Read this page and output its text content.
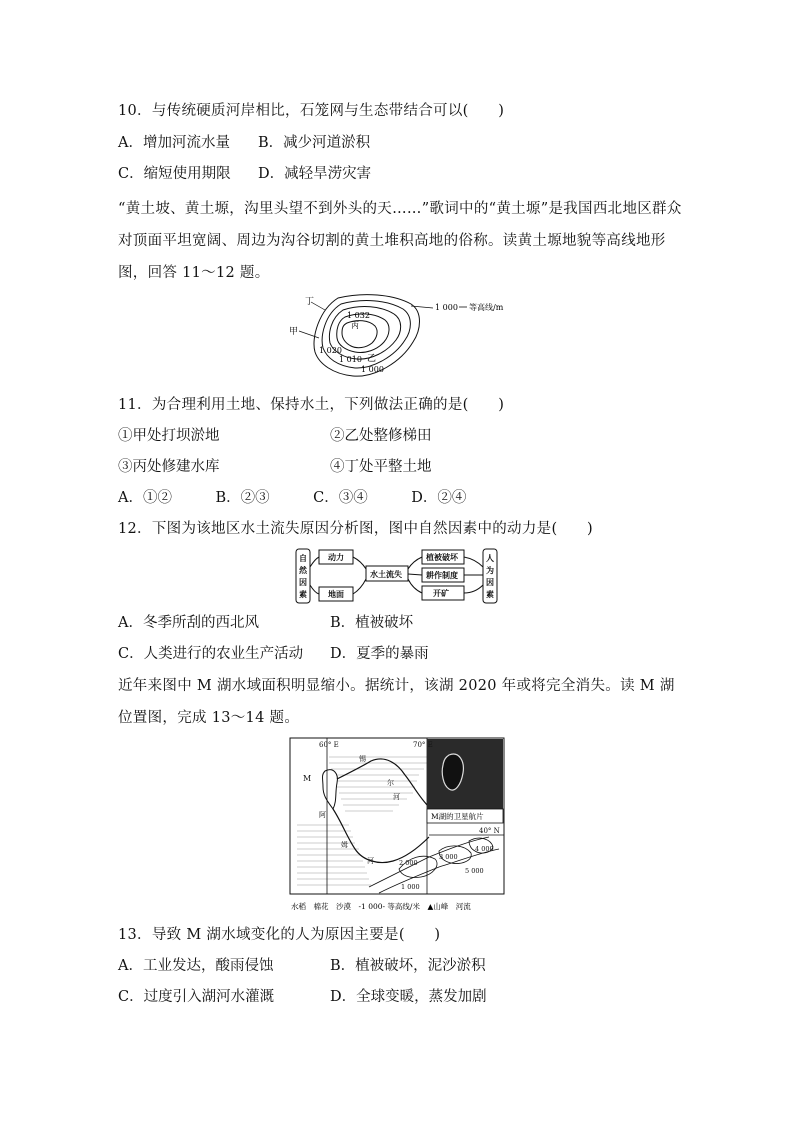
10．与传统硬质河岸相比，石笼网与生态带结合可以(　　)
A．增加河流水量 B．减少河道淤积
C．缩短使用期限 D．减轻旱涝灾害
“黄土坡、黄土塬，沟里头望不到外头的天……”歌词中的“黄土塬”是我国西北地区群众对顶面平坦宽阔、周边为沟谷切割的黄土堆积高地的俗称。读黄土塬地貌等高线地形图，回答 11～12 题。
丁
甲
1 032
丙
1 020
1 010 乙
1 000
1 000 等高线/m
11．为合理利用土地、保持水土，下列做法正确的是(　　)
①甲处打坝淤地	②乙处整修梯田
③丙处修建水库	④丁处平整土地
A．①②　　　B．②③　　　C．③④　　　D．②④
12．下图为该地区水土流失原因分析图，图中自然因素中的动力是(　　)
自
然
因
素
人
为
因
素
动力
地面
水土流失
植被破坏
耕作制度
开矿
A．冬季所刮的西北风	B．植被破坏
C．人类进行的农业生产活动 D．夏季的暴雨
近年来图中 M 湖水域面积明显缩小。据统计，该湖 2020 年或将完全消失。读 M 湖位置图，完成 13～14 题。
M湖的卫星航片
60° E	70° E
40° N
M
锡
尔
河
阿
姆
河	2 000
3 000
5 000
1 000
4 000
水稻　棉花　沙漠　-1 000- 等高线/米　▲山峰　河流
13．导致 M 湖水域变化的人为原因主要是(　　)
A．工业发达，酸雨侵蚀	B．植被破坏，泥沙淤积
C．过度引入湖河水灌溉	D．全球变暖，蒸发加剧
